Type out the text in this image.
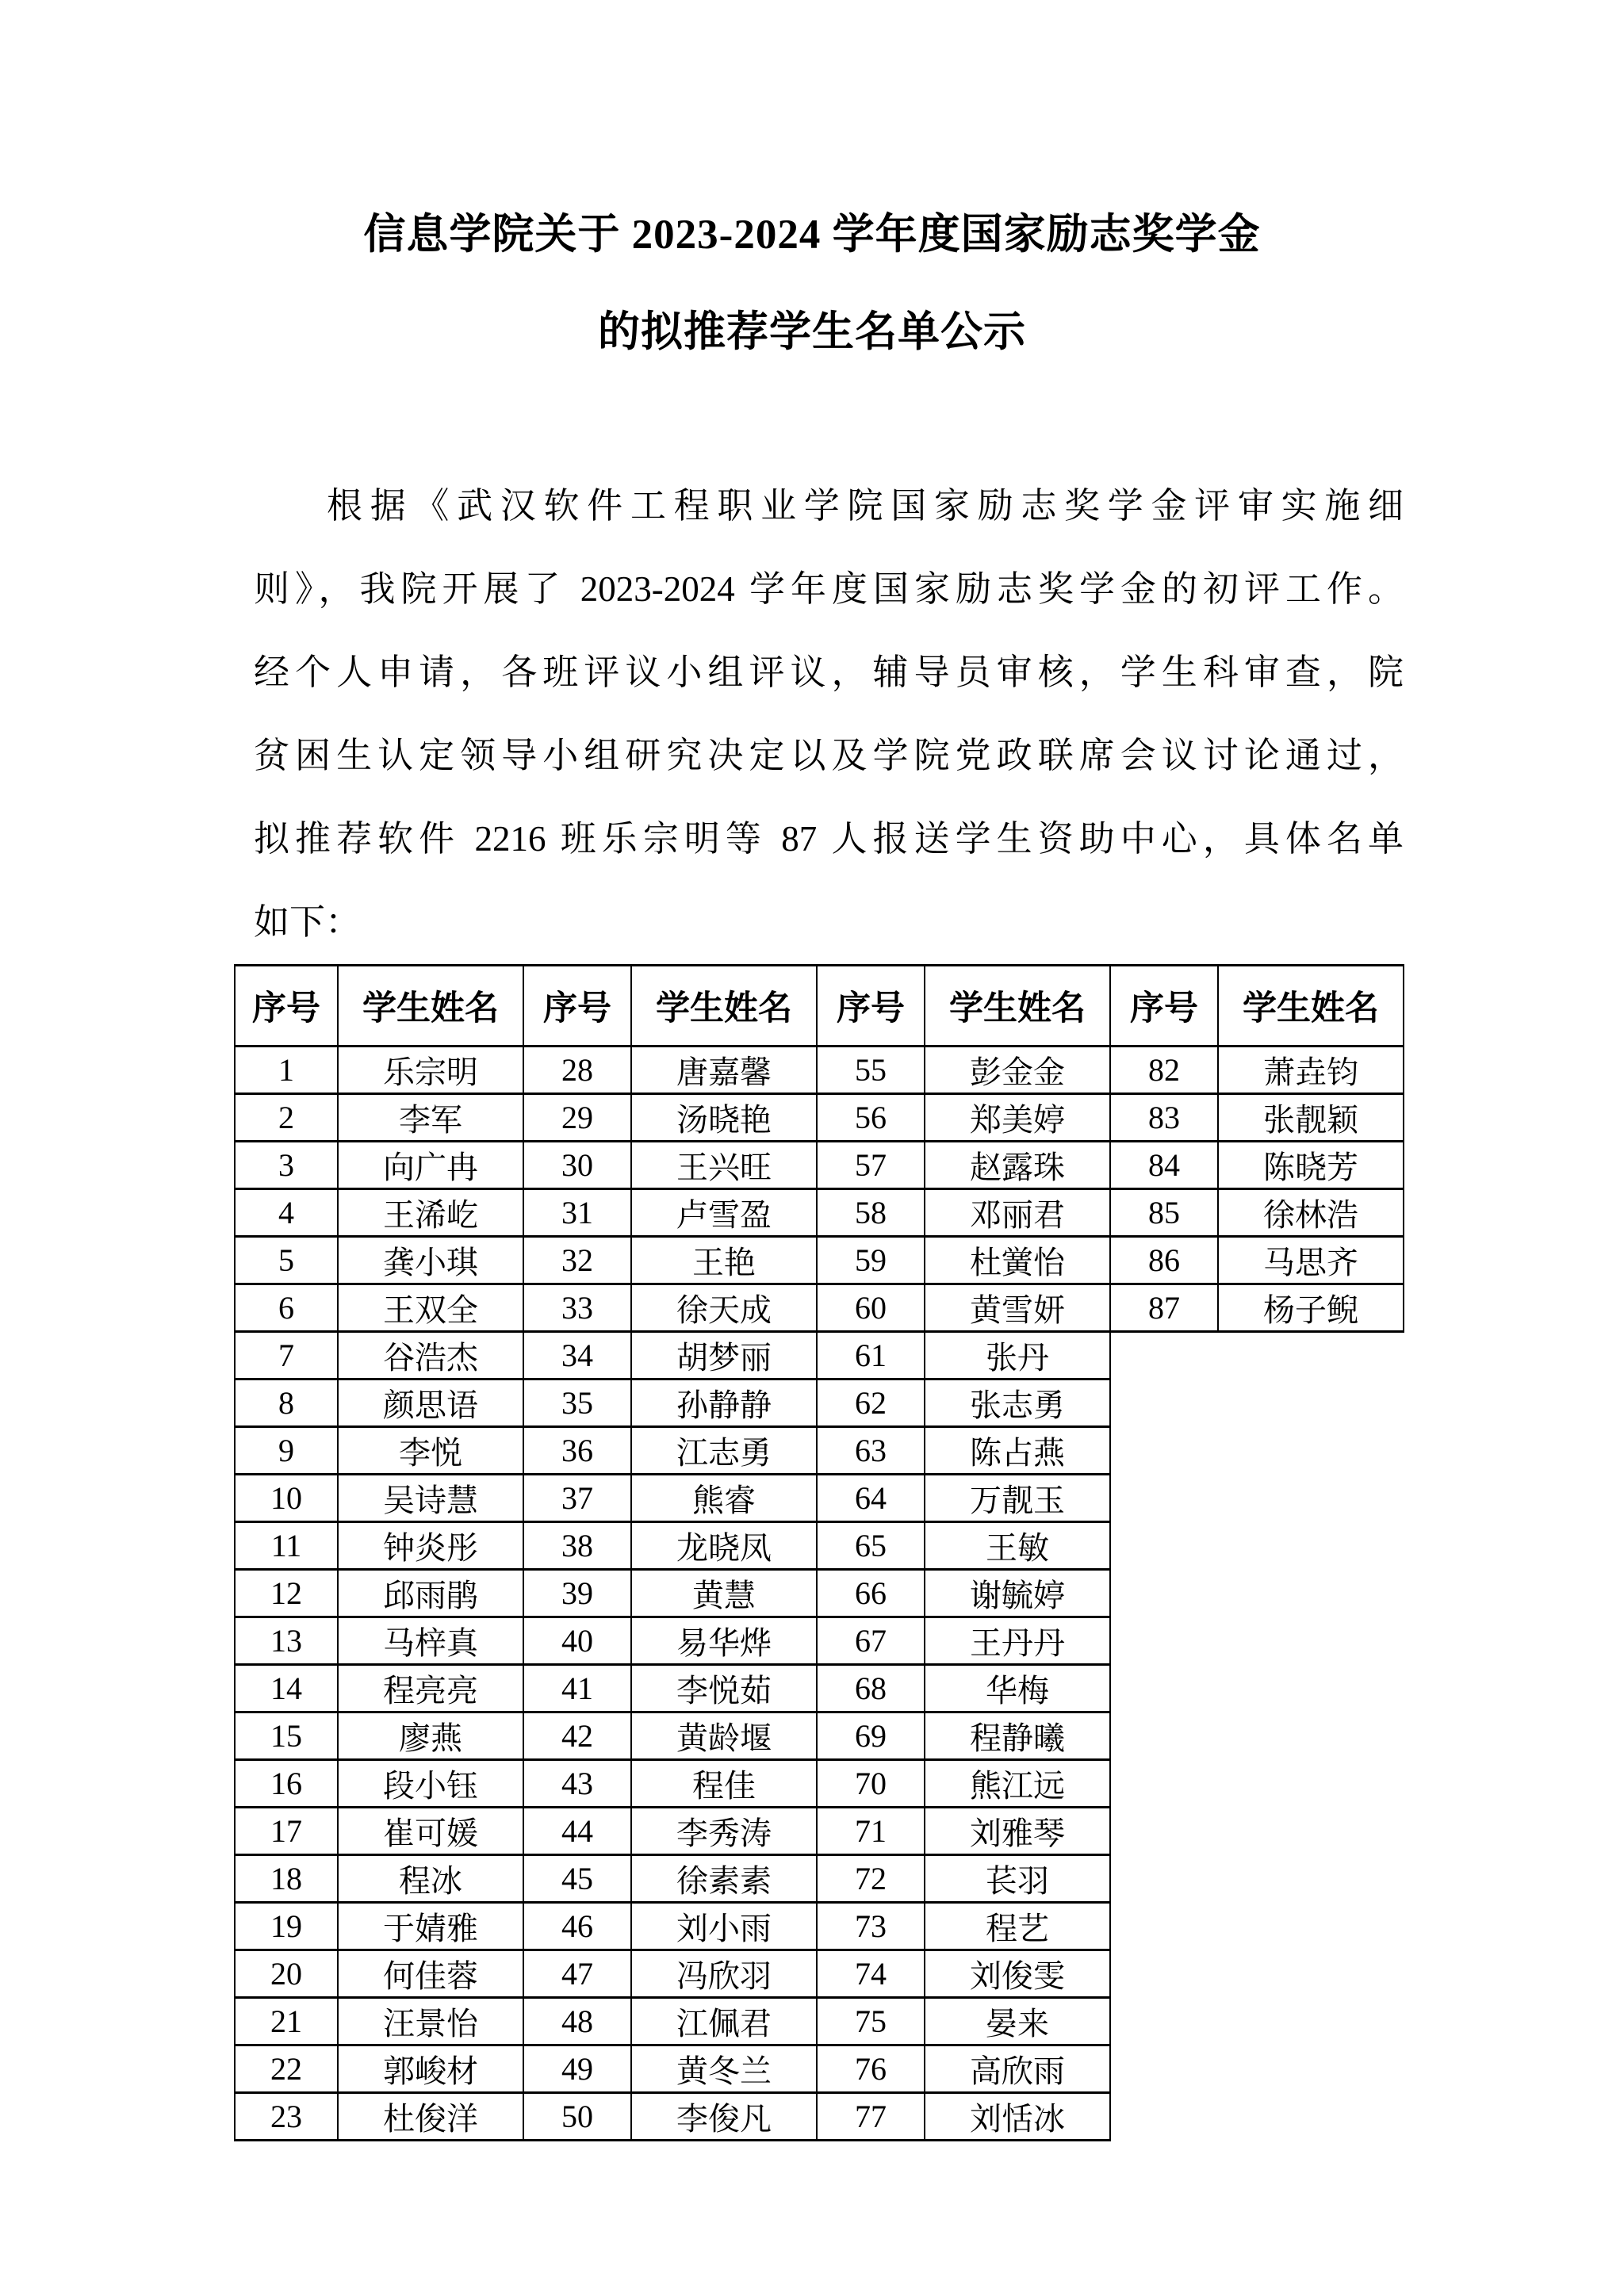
信息学院关于 2023-2024 学年度国家励志奖学金
的拟推荐学生名单公示
根据《武汉软件工程职业学院国家励志奖学金评审实施细
则》，我院开展了 2023-2024 学年度国家励志奖学金的初评工作。
经个人申请，各班评议小组评议，辅导员审核，学生科审查，院
贫困生认定领导小组研究决定以及学院党政联席会议讨论通过，
拟推荐软件 2216 班乐宗明等 87 人报送学生资助中心，具体名单
如下：
序号	学生姓名	序号	学生姓名	序号	学生姓名	序号	学生姓名
1	乐宗明	28	唐嘉馨	55	彭金金	82	萧垚钧
2	李军	29	汤晓艳	56	郑美婷	83	张靓颖
3	向广冉	30	王兴旺	57	赵露珠	84	陈晓芳
4	王浠屹	31	卢雪盈	58	邓丽君	85	徐林浩
5	龚小琪	32	王艳	59	杜黉怡	86	马思齐
6	王双全	33	徐天成	60	黄雪妍	87	杨子鲵
7	谷浩杰	34	胡梦丽	61	张丹		
8	颜思语	35	孙静静	62	张志勇		
9	李悦	36	江志勇	63	陈占燕		
10	吴诗慧	37	熊睿	64	万靓玉		
11	钟炎彤	38	龙晓凤	65	王敏		
12	邱雨鹃	39	黄慧	66	谢毓婷		
13	马梓真	40	易华烨	67	王丹丹		
14	程亮亮	41	李悦茹	68	华梅		
15	廖燕	42	黄龄堰	69	程静曦		
16	段小钰	43	程佳	70	熊江远		
17	崔可媛	44	李秀涛	71	刘雅琴		
18	程冰	45	徐素素	72	苌羽		
19	于婧雅	46	刘小雨	73	程艺		
20	何佳蓉	47	冯欣羽	74	刘俊雯		
21	汪景怡	48	江佩君	75	晏来		
22	郭峻材	49	黄冬兰	76	高欣雨		
23	杜俊洋	50	李俊凡	77	刘恬冰		
